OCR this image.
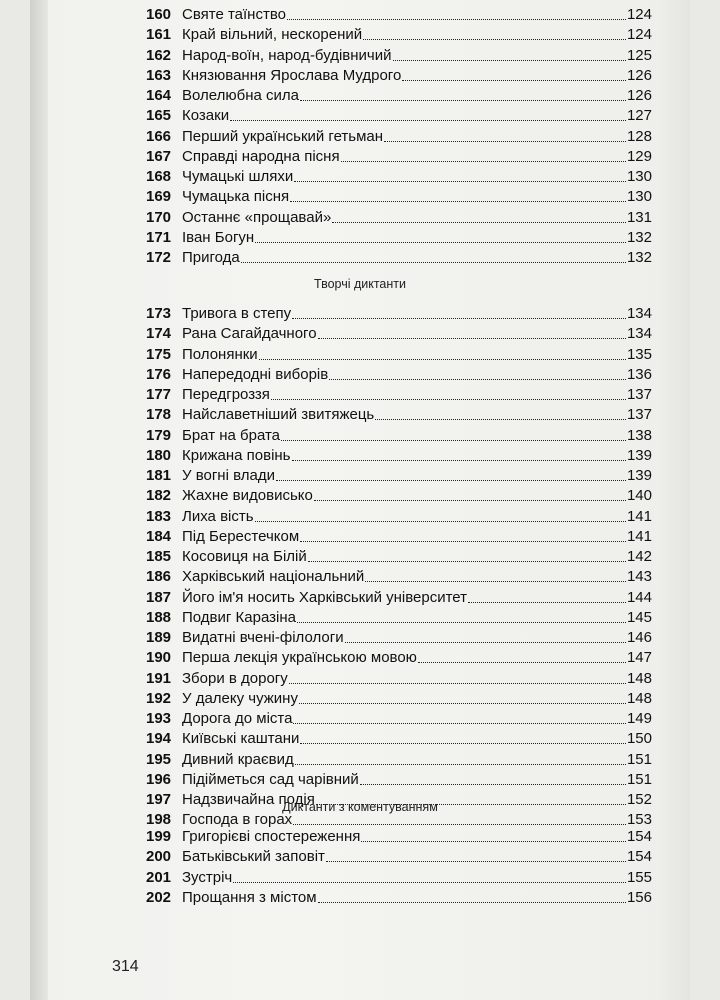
160 Святе таїнство	124
161 Край вільний, нескорений	124
162 Народ-воїн, народ-будівничий	125
163 Князювання Ярослава Мудрого	126
164 Волелюбна сила	126
165 Козаки	127
166 Перший український гетьман	128
167 Справді народна пісня	129
168 Чумацькі шляхи	130
169 Чумацька пісня	130
170 Останнє «прощавай»	131
171 Іван Богун	132
172 Пригода	132
Творчі диктанти
173 Тривога в степу	134
174 Рана Сагайдачного	134
175 Полонянки	135
176 Напередодні виборів	136
177 Передгроззя	137
178 Найславетніший звитяжець	137
179 Брат на брата	138
180 Крижана повінь	139
181 У вогні влади	139
182 Жахне видовисько	140
183 Лиха вість	141
184 Під Берестечком	141
185 Косовиця на Білій	142
186 Харківський національний	143
187 Його ім'я носить Харківський університет	144
188 Подвиг Каразіна	145
189 Видатні вчені-філологи	146
190 Перша лекція українською мовою	147
191 Збори в дорогу	148
192 У далеку чужину	148
193 Дорога до міста	149
194 Київські каштани	150
195 Дивний краєвид	151
196 Підійметься сад чарівний	151
197 Надзвичайна подія	152
198 Господа в горах	153
Диктанти з коментуванням
199 Григорієві спостереження	154
200 Батьківський заповіт	154
201 Зустріч	155
202 Прощання з містом	156
314
